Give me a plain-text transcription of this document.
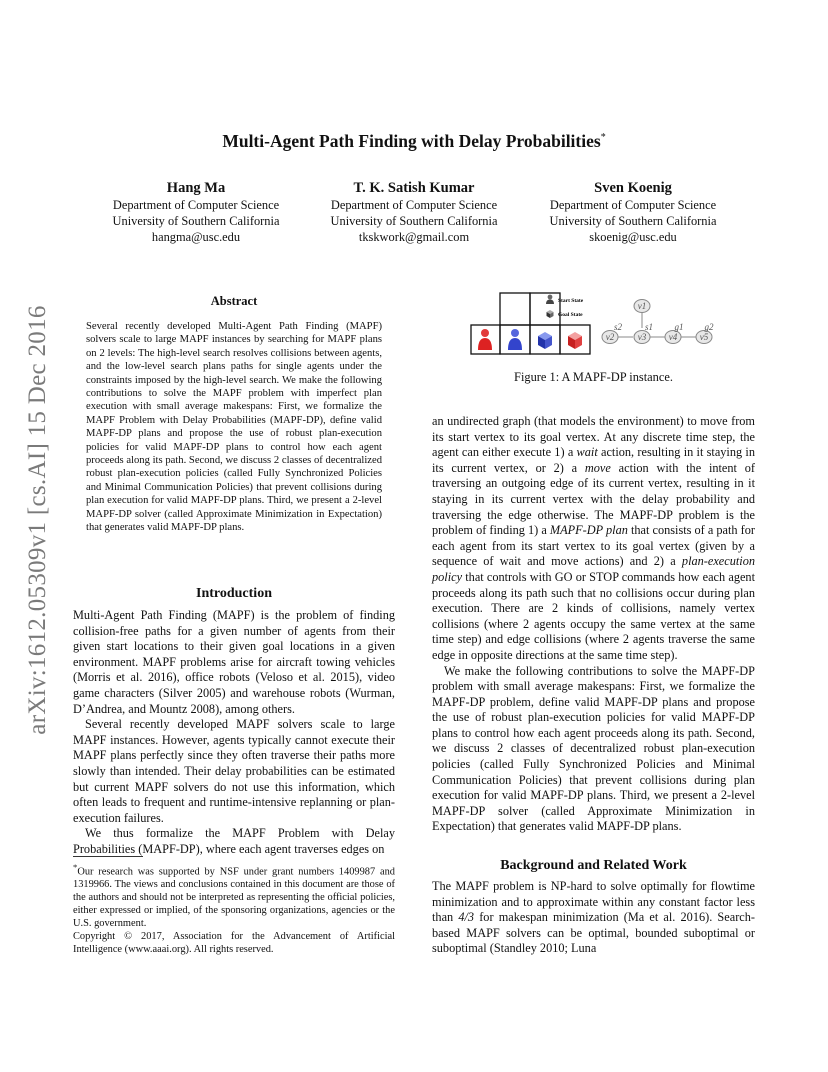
arXiv:1612.05309v1 [cs.AI] 15 Dec 2016
Multi-Agent Path Finding with Delay Probabilities*
Hang Ma
Department of Computer Science
University of Southern California
hangma@usc.edu
T. K. Satish Kumar
Department of Computer Science
University of Southern California
tkskwork@gmail.com
Sven Koenig
Department of Computer Science
University of Southern California
skoenig@usc.edu
Abstract

Several recently developed Multi-Agent Path Finding (MAPF) solvers scale to large MAPF instances by searching for MAPF plans on 2 levels: The high-level search resolves collisions between agents, and the low-level search plans paths for single agents under the constraints imposed by the high-level search. We make the following contributions to solve the MAPF problem with imperfect plan execution with small average makespans: First, we formalize the MAPF Problem with Delay Probabilities (MAPF-DP), define valid MAPF-DP plans and propose the use of robust plan-execution policies for valid MAPF-DP plans to control how each agent proceeds along its path. Second, we discuss 2 classes of decentralized robust plan-execution policies (called Fully Synchronized Policies and Minimal Communication Policies) that prevent collisions during plan execution for valid MAPF-DP plans. Third, we present a 2-level MAPF-DP solver (called Approximate Minimization in Expectation) that generates valid MAPF-DP plans.

Introduction

Multi-Agent Path Finding (MAPF) is the problem of finding collision-free paths for a given number of agents from their given start locations to their given goal locations in a given environment. MAPF problems arise for aircraft towing vehicles (Morris et al. 2016), office robots (Veloso et al. 2015), video game characters (Silver 2005) and warehouse robots (Wurman, D’Andrea, and Mountz 2008), among others.

Several recently developed MAPF solvers scale to large MAPF instances. However, agents typically cannot execute their MAPF plans perfectly since they often traverse their paths more slowly than intended. Their delay probabilities can be estimated but current MAPF solvers do not use this information, which often leads to frequent and runtime-intensive replanning or plan-execution failures.

We thus formalize the MAPF Problem with Delay Probabilities (MAPF-DP), where each agent traverses edges on

*Our research was supported by NSF under grant numbers 1409987 and 1319966. The views and conclusions contained in this document are those of the authors and should not be interpreted as representing the official policies, either expressed or implied, of the sponsoring organizations, agencies or the U.S. government.

Copyright © 2017, Association for the Advancement of Artificial Intelligence (www.aaai.org). All rights reserved.

Start State
Goal State
v1
v2	v3	v4	v5
s2	s1 g1 g2
Figure 1: A MAPF-DP instance.

an undirected graph (that models the environment) to move from its start vertex to its goal vertex. At any discrete time step, the agent can either execute 1) a wait action, resulting in it staying in its current vertex, or 2) a move action with the intent of traversing an outgoing edge of its current vertex, resulting in it staying in its current vertex with the delay probability and traversing the edge otherwise. The MAPF-DP problem is the problem of finding 1) a MAPF-DP plan that consists of a path for each agent from its start vertex to its goal vertex (given by a sequence of wait and move actions) and 2) a plan-execution policy that controls with GO or STOP commands how each agent proceeds along its path such that no collisions occur during plan execution. There are 2 kinds of collisions, namely vertex collisions (where 2 agents occupy the same vertex at the same time step) and edge collisions (where 2 agents traverse the same edge in opposite directions at the same time step).

We make the following contributions to solve the MAPF-DP problem with small average makespans: First, we formalize the MAPF-DP problem, define valid MAPF-DP plans and propose the use of robust plan-execution policies for valid MAPF-DP plans to control how each agent proceeds along its path. Second, we discuss 2 classes of decentralized robust plan-execution policies (called Fully Synchronized Policies and Minimal Communication Policies) that prevent collisions during plan execution for valid MAPF-DP plans. Third, we present a 2-level MAPF-DP solver (called Approximate Minimization in Expectation) that generates valid MAPF-DP plans.

Background and Related Work

The MAPF problem is NP-hard to solve optimally for flowtime minimization and to approximate within any constant factor less than 4/3 for makespan minimization (Ma et al. 2016). Search-based MAPF solvers can be optimal, bounded suboptimal or suboptimal (Standley 2010; Luna
